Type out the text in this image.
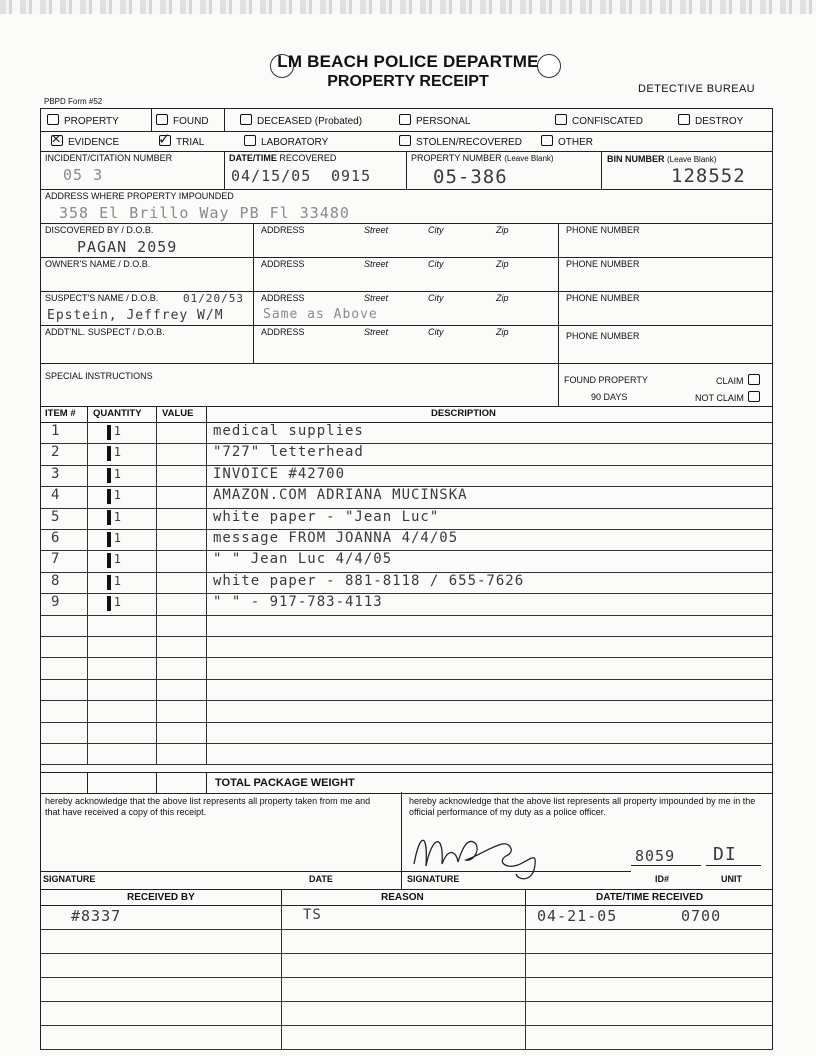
LM BEACH POLICE DEPARTME
PROPERTY RECEIPT	DETECTIVE BUREAU
PBPD Form #52
PROPERTY	FOUND	DECEASED (Probated)	PERSONAL	CONFISCATED	DESTROY
✕EVIDENCE
✓	TRIAL	LABORATORY	STOLEN/RECOVERED	OTHER
INCIDENT/CITATION NUMBER
05 3
DATE/TIME RECOVERED
04/15/05 0915
PROPERTY NUMBER (Leave Blank)
05-386
BIN NUMBER (Leave Blank)
128552
ADDRESS WHERE PROPERTY IMPOUNDED
358 El Brillo Way PB Fl 33480
DISCOVERED BY / D.O.B.
PAGAN 2059
ADDRESS	Street	City	Zip	PHONE NUMBER
OWNER'S NAME / D.O.B.	ADDRESS	Street	City	Zip	PHONE NUMBER
SUSPECT'S NAME / D.O.B. 01/20/53
Epstein, Jeffrey W/M
ADDRESS	Street	City	Zip
Same as Above
PHONE NUMBER
ADDT'NL. SUSPECT / D.O.B.	ADDRESS	Street	City	Zip	PHONE NUMBER
SPECIAL INSTRUCTIONS	FOUND PROPERTY
90 DAYS
CLAIM
NOT CLAIM
ITEM # QUANTITY VALUE	DESCRIPTION
1	1	medical supplies
2	1	"727" letterhead
3	1	INVOICE #42700
4	1	AMAZON.COM ADRIANA MUCINSKA
5	1	white paper - "Jean Luc"
6	1	message FROM JOANNA 4/4/05
7	1	" " Jean Luc 4/4/05
8	1	white paper - 881-8118 / 655-7626
9	1	" " - 917-783-4113
TOTAL PACKAGE WEIGHT
hereby acknowledge that the above list represents all property taken from me and that have received a copy of this receipt.
hereby acknowledge that the above list represents all property impounded by me in the official performance of my duty as a police officer.
SIGNATURE	DATE	SIGNATURE
8059
ID#
DI
UNIT
RECEIVED BY	REASON	DATE/TIME RECEIVED
#8337	TS	04-21-05	0700
